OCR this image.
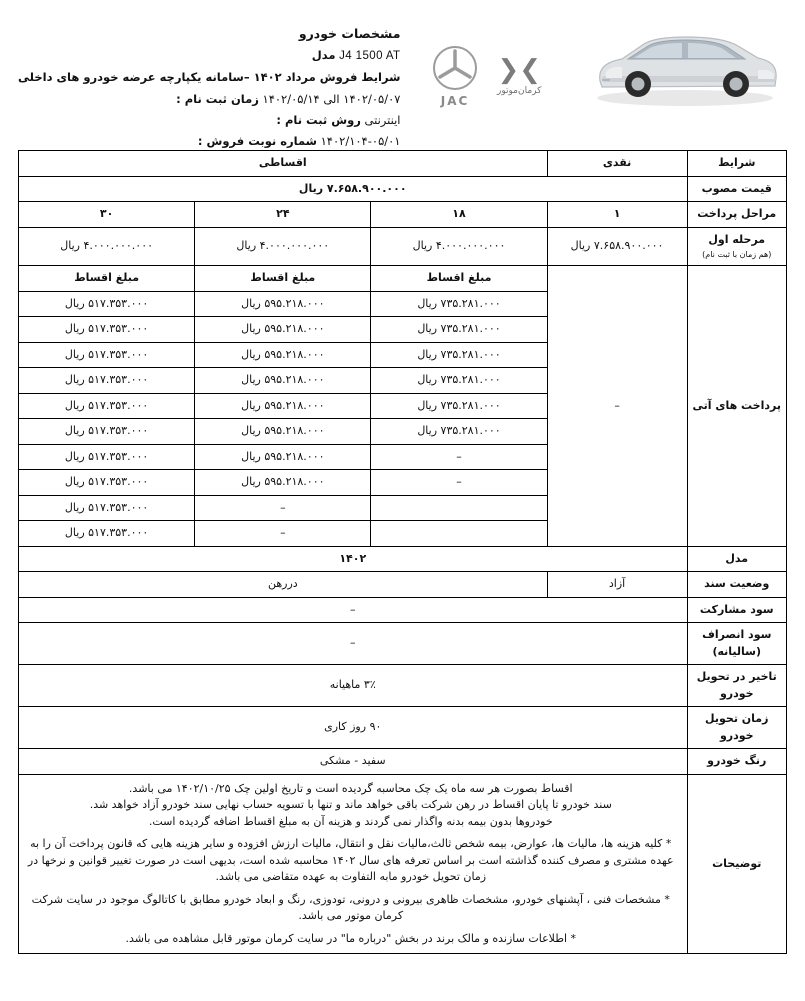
❯❮
کرمان‌موتور
JAC
مشخصات خودرو
J4 1500 AT مدل
شرایط فروش مرداد ۱۴۰۲ –سامانه یکپارچه عرضه خودرو های داخلی
۱۴۰۲/۰۵/۰۷ الی ۱۴۰۲/۰۵/۱۴ زمان ثبت نام :
اینترنتی روش ثبت نام :
۱۴۰۲/۱۰۴-۰۵/۰۱ شماره نوبت فروش :
شرایط	نقدی	اقساطی		
قیمت مصوب	۷.۶۵۸.۹۰۰.۰۰۰ ریال			
مراحل پرداخت	۱	۱۸	۲۴	۳۰
مرحله اول
(هم زمان با ثبت نام)	۷.۶۵۸.۹۰۰.۰۰۰ ریال	۴.۰۰۰.۰۰۰.۰۰۰ ریال	۴.۰۰۰.۰۰۰.۰۰۰ ریال	۴.۰۰۰.۰۰۰.۰۰۰ ریال
پرداخت های آتی	–	مبلغ اقساط	مبلغ اقساط	مبلغ اقساط
		۷۳۵.۲۸۱.۰۰۰ ریال	۵۹۵.۲۱۸.۰۰۰ ریال	۵۱۷.۳۵۳.۰۰۰ ریال
		۷۳۵.۲۸۱.۰۰۰ ریال	۵۹۵.۲۱۸.۰۰۰ ریال	۵۱۷.۳۵۳.۰۰۰ ریال
		۷۳۵.۲۸۱.۰۰۰ ریال	۵۹۵.۲۱۸.۰۰۰ ریال	۵۱۷.۳۵۳.۰۰۰ ریال
		۷۳۵.۲۸۱.۰۰۰ ریال	۵۹۵.۲۱۸.۰۰۰ ریال	۵۱۷.۳۵۳.۰۰۰ ریال
		۷۳۵.۲۸۱.۰۰۰ ریال	۵۹۵.۲۱۸.۰۰۰ ریال	۵۱۷.۳۵۳.۰۰۰ ریال
		۷۳۵.۲۸۱.۰۰۰ ریال	۵۹۵.۲۱۸.۰۰۰ ریال	۵۱۷.۳۵۳.۰۰۰ ریال
		–	۵۹۵.۲۱۸.۰۰۰ ریال	۵۱۷.۳۵۳.۰۰۰ ریال
		–	۵۹۵.۲۱۸.۰۰۰ ریال	۵۱۷.۳۵۳.۰۰۰ ریال
			–	۵۱۷.۳۵۳.۰۰۰ ریال
			–	۵۱۷.۳۵۳.۰۰۰ ریال
مدل	۱۴۰۲			
وضعیت سند	آزاد	دررهن		
سود مشارکت	–			
سود انصراف (سالیانه)	–			
تاخیر در تحویل خودرو	۳٪ ماهیانه			
زمان تحویل خودرو	۹۰ روز کاری			
رنگ خودرو	سفید - مشکی			
توضیحات	

اقساط بصورت هر سه ماه یک چک محاسبه گردیده است و تاریخ اولین چک ۱۴۰۲/۱۰/۲۵ می باشد.

سند خودرو تا پایان اقساط در رهن شرکت باقی خواهد ماند و تنها با تسویه حساب نهایی سند خودرو آزاد خواهد شد.

خودروها بدون بیمه بدنه واگذار نمی گردند و هزینه آن به مبلغ اقساط اضافه گردیده است.

* کلیه هزینه ها، مالیات ها، عوارض، بیمه شخص ثالث،مالیات نقل و انتقال، مالیات ارزش افزوده و سایر هزینه هایی که قانون پرداخت آن را به عهده مشتری و مصرف کننده گذاشته است بر اساس تعرفه های سال ۱۴۰۲ محاسبه شده است، بدیهی است در صورت تغییر قوانین و نرخها در زمان تحویل خودرو مابه التفاوت به عهده متقاضی می باشد.

* مشخصات فنی ، آپشنهای خودرو، مشخصات ظاهری بیرونی و درونی، تودوزی، رنگ و ابعاد خودرو مطابق با کاتالوگ موجود در سایت شرکت کرمان موتور می باشد.

* اطلاعات سازنده و مالک برند در بخش "درباره ما" در سایت کرمان موتور قابل مشاهده می باشد.
